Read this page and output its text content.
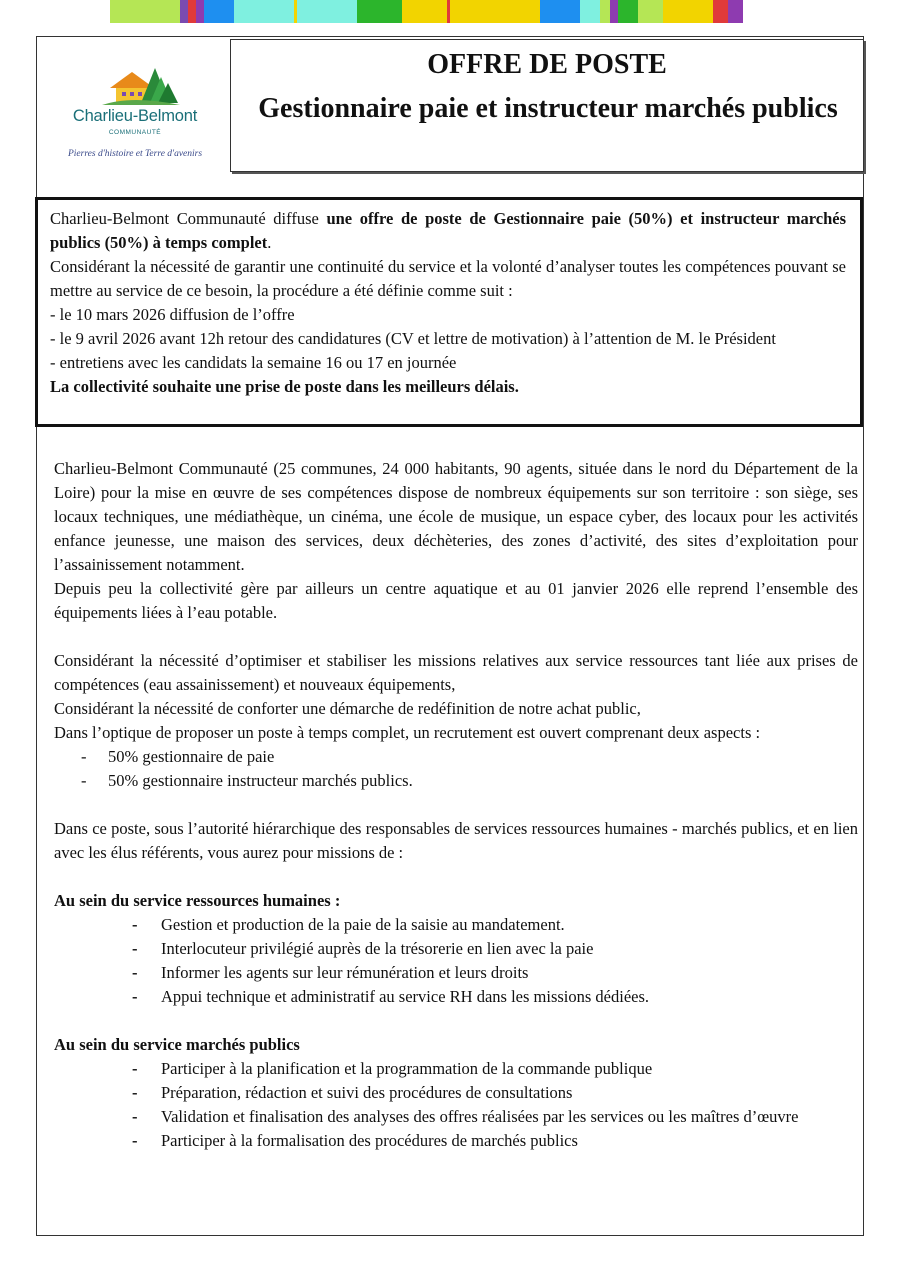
Charlieu-Belmont
COMMUNAUTÉ
Pierres d'histoire et Terre d'avenirs
OFFRE DE POSTE
Gestionnaire paie et instructeur marchés publics

Charlieu-Belmont Communauté diffuse une offre de poste de Gestionnaire paie (50%) et instructeur marchés publics (50%) à temps complet.

Considérant la nécessité de garantir une continuité du service et la volonté d’analyser toutes les compétences pouvant se mettre au service de ce besoin, la procédure a été définie comme suit :

- le 10 mars 2026 diffusion de l’offre

- le 9 avril 2026 avant 12h retour des candidatures (CV et lettre de motivation) à l’attention de M. le Président

- entretiens avec les candidats la semaine 16 ou 17 en journée

La collectivité souhaite une prise de poste dans les meilleurs délais.

Charlieu-Belmont Communauté (25 communes, 24 000 habitants, 90 agents, située dans le nord du Département de la Loire) pour la mise en œuvre de ses compétences dispose de nombreux équipements sur son territoire : son siège, ses locaux techniques, une médiathèque, un cinéma, une école de musique, un espace cyber, des locaux pour les activités enfance jeunesse, une maison des services, deux déchèteries, des zones d’activité, des sites d’exploitation pour l’assainissement notamment.

Depuis peu la collectivité gère par ailleurs un centre aquatique et au 01 janvier 2026 elle reprend l’ensemble des équipements liées à l’eau potable.

Considérant la nécessité d’optimiser et stabiliser les missions relatives aux service ressources tant liée aux prises de compétences (eau assainissement) et nouveaux équipements,

Considérant la nécessité de conforter une démarche de redéfinition de notre achat public,

Dans l’optique de proposer un poste à temps complet, un recrutement est ouvert comprenant deux aspects :

- 50% gestionnaire de paie
- 50% gestionnaire instructeur marchés publics.

Dans ce poste, sous l’autorité hiérarchique des responsables de services ressources humaines - marchés publics, et en lien avec les élus référents, vous aurez pour missions de :

Au sein du service ressources humaines :

- Gestion et production de la paie de la saisie au mandatement.
- Interlocuteur privilégié auprès de la trésorerie en lien avec la paie
- Informer les agents sur leur rémunération et leurs droits
- Appui technique et administratif au service RH dans les missions dédiées.

Au sein du service marchés publics

- Participer à la planification et la programmation de la commande publique
- Préparation, rédaction et suivi des procédures de consultations
- Validation et finalisation des analyses des offres réalisées par les services ou les maîtres d’œuvre
- Participer à la formalisation des procédures de marchés publics
